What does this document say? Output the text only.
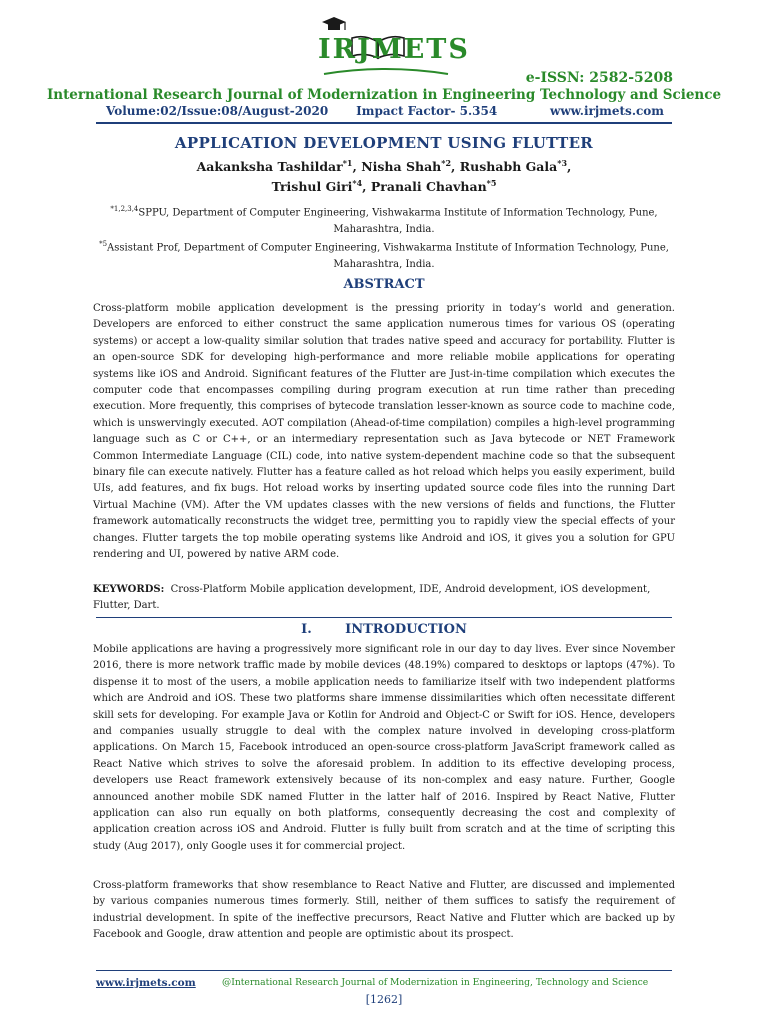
IRJMETS
e-ISSN: 2582-5208
International Research Journal of Modernization in Engineering Technology and Science
Volume:02/Issue:08/August-2020 Impact Factor- 5.354	www.irjmets.com
APPLICATION DEVELOPMENT USING FLUTTER
Aakanksha Tashildar$^{*1}$, Nisha Shah$^{*2}$, Rushabh Gala$^{*3}$,
Trishul Giri$^{*4}$, Pranali Chavhan$^{*5}$
$^{*1,2,3,4}$SPPU, Department of Computer Engineering, Vishwakarma Institute of Information Technology, Pune, Maharashtra, India.
$^{*5}$Assistant Prof, Department of Computer Engineering, Vishwakarma Institute of Information Technology, Pune, Maharashtra, India.
ABSTRACT
Cross-platform mobile application development is the pressing priority in today’s world and generation. Developers are enforced to either construct the same application numerous times for various OS (operating systems) or accept a low-quality similar solution that trades native speed and accuracy for portability. Flutter is an open-source SDK for developing high-performance and more reliable mobile applications for operating systems like iOS and Android. Significant features of the Flutter are Just-in-time compilation which executes the computer code that encompasses compiling during program execution at run time rather than preceding execution. More frequently, this comprises of bytecode translation lesser-known as source code to machine code, which is unswervingly executed. AOT compilation (Ahead-of-time compilation) compiles a high-level programming language such as C or C++, or an intermediary representation such as Java bytecode or NET Framework Common Intermediate Language (CIL) code, into native system-dependent machine code so that the subsequent binary file can execute natively. Flutter has a feature called as hot reload which helps you easily experiment, build UIs, add features, and fix bugs. Hot reload works by inserting updated source code files into the running Dart Virtual Machine (VM). After the VM updates classes with the new versions of fields and functions, the Flutter framework automatically reconstructs the widget tree, permitting you to rapidly view the special effects of your changes. Flutter targets the top mobile operating systems like Android and iOS, it gives you a solution for GPU rendering and UI, powered by native ARM code.
KEYWORDS: Cross-Platform Mobile application development, IDE, Android development, iOS development, Flutter, Dart.
I.	INTRODUCTION
Mobile applications are having a progressively more significant role in our day to day lives. Ever since November 2016, there is more network traffic made by mobile devices (48.19%) compared to desktops or laptops (47%). To dispense it to most of the users, a mobile application needs to familiarize itself with two independent platforms which are Android and iOS. These two platforms share immense dissimilarities which often necessitate different skill sets for developing. For example Java or Kotlin for Android and Object-C or Swift for iOS. Hence, developers and companies usually struggle to deal with the complex nature involved in developing cross-platform applications. On March 15, Facebook introduced an open-source cross-platform JavaScript framework called as React Native which strives to solve the aforesaid problem. In addition to its effective developing process, developers use React framework extensively because of its non-complex and easy nature. Further, Google announced another mobile SDK named Flutter in the latter half of 2016. Inspired by React Native, Flutter application can also run equally on both platforms, consequently decreasing the cost and complexity of application creation across iOS and Android. Flutter is fully built from scratch and at the time of scripting this study (Aug 2017), only Google uses it for commercial project.
Cross-platform frameworks that show resemblance to React Native and Flutter, are discussed and implemented by various companies numerous times formerly. Still, neither of them suffices to satisfy the requirement of industrial development. In spite of the ineffective precursors, React Native and Flutter which are backed up by Facebook and Google, draw attention and people are optimistic about its prospect.
www.irjmets.com	@International Research Journal of Modernization in Engineering, Technology and Science
[1262]
